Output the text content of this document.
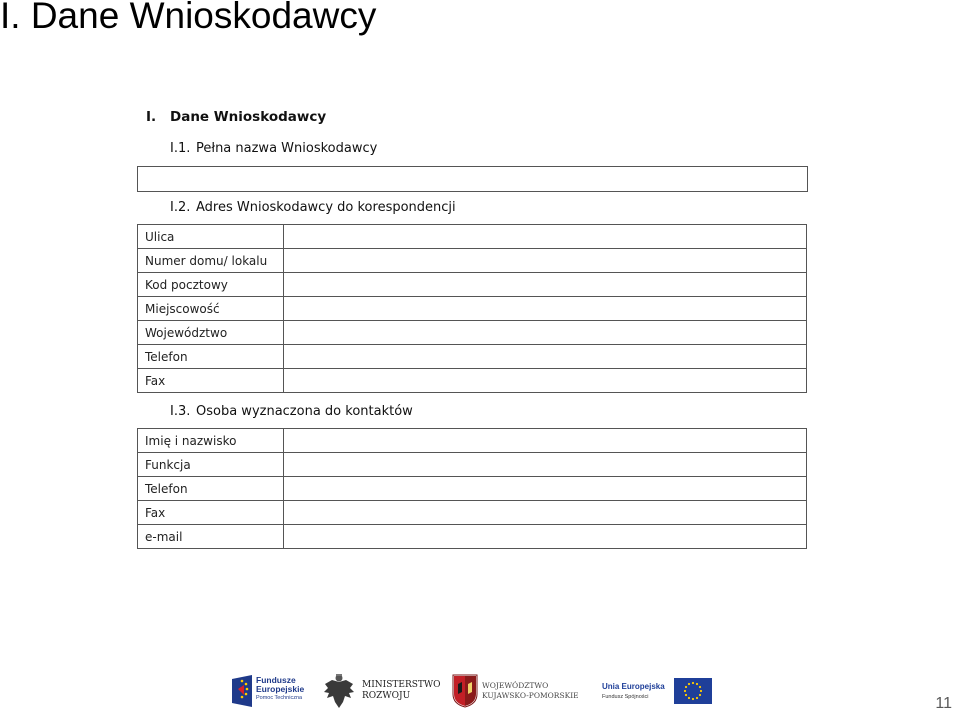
I. Dane Wnioskodawcy
I. Dane Wnioskodawcy
I.1. Pełna nazwa Wnioskodawcy
I.2. Adres Wnioskodawcy do korespondencji
Ulica	
Numer domu/ lokalu	
Kod pocztowy	
Miejscowość	
Województwo	
Telefon	
Fax	
I.3. Osoba wyznaczona do kontaktów
Imię i nazwisko	
Funkcja	
Telefon	
Fax	
e-mail	
Fundusze
Europejskie
Pomoc Techniczna
MINISTERSTWO
ROZWOJU
WOJEWÓDZTWO
KUJAWSKO-POMORSKIE
Unia Europejska
Fundusz Spójności	11
